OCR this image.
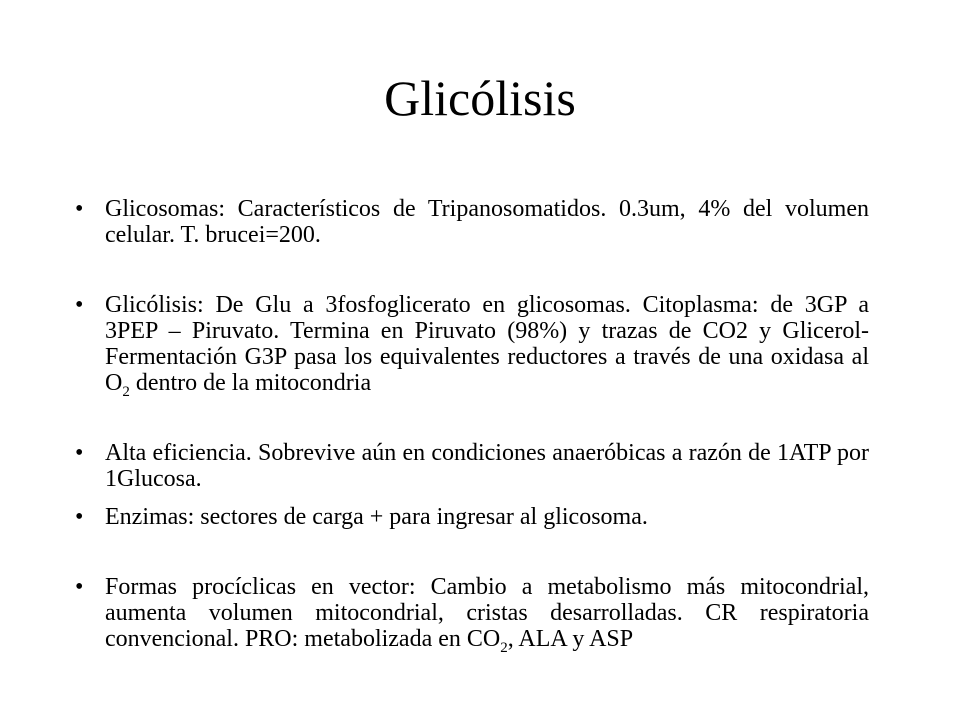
Glicólisis
• Glicosomas: Característicos de Tripanosomatidos. 0.3um, 4% del volumen celular. T. brucei=200.
• Glicólisis: De Glu a 3fosfoglicerato en glicosomas. Citoplasma: de 3GP a 3PEP – Piruvato. Termina en Piruvato (98%) y trazas de CO2 y Glicerol- Fermentación G3P pasa los equivalentes reductores a través de una oxidasa al $O_2$ dentro de la mitocondria
• Alta eficiencia. Sobrevive aún en condiciones anaeróbicas a razón de 1ATP por 1Glucosa.
• Enzimas: sectores de carga + para ingresar al glicosoma.
• Formas procíclicas en vector: Cambio a metabolismo más mitocondrial, aumenta volumen mitocondrial, cristas desarrolladas. CR respiratoria convencional. PRO: metabolizada en $CO_2$, ALA y ASP
